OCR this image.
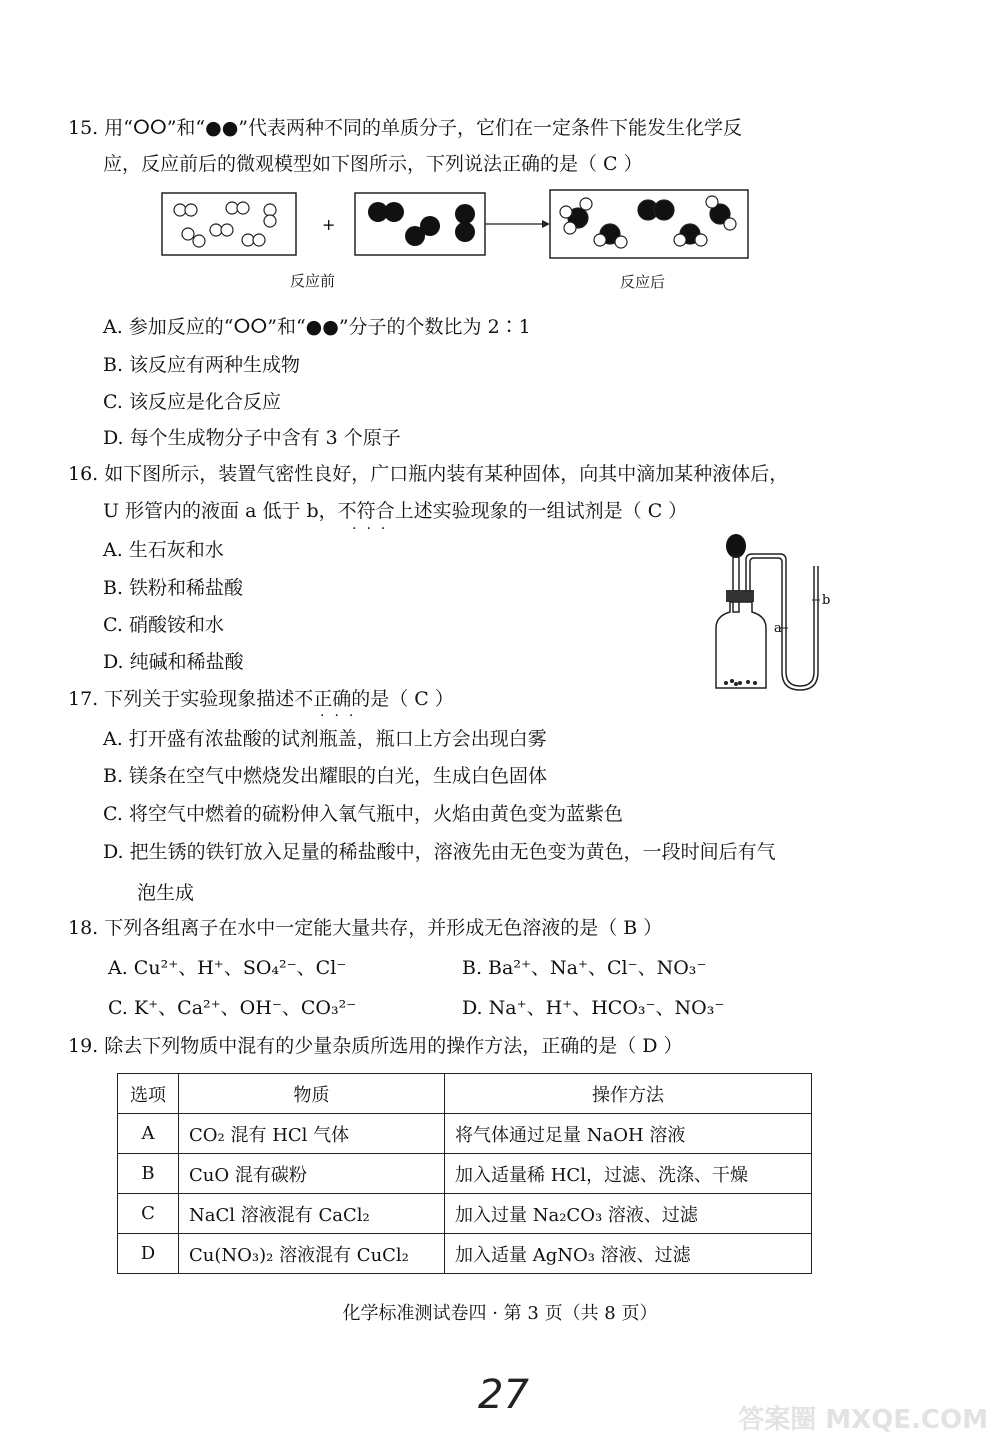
15. 用“ⵔⵔ”和“●●”代表两种不同的单质分子，它们在一定条件下能发生化学反
应，反应前后的微观模型如下图所示，下列说法正确的是（ C ）
+
反应前	反应后
A. 参加反应的“ⵔⵔ”和“●●”分子的个数比为 2∶1
B. 该反应有两种生成物
C. 该反应是化合反应
D. 每个生成物分子中含有 3 个原子
16. 如下图所示，装置气密性良好，广口瓶内装有某种固体，向其中滴加某种液体后，
U 形管内的液面 a 低于 b，不符合上述实验现象的一组试剂是（ C ）
···
A. 生石灰和水
B. 铁粉和稀盐酸
C. 硝酸铵和水
D. 纯碱和稀盐酸
a
b
17. 下列关于实验现象描述不正确的是（ C ）
···
A. 打开盛有浓盐酸的试剂瓶盖，瓶口上方会出现白雾
B. 镁条在空气中燃烧发出耀眼的白光，生成白色固体
C. 将空气中燃着的硫粉伸入氧气瓶中，火焰由黄色变为蓝紫色
D. 把生锈的铁钉放入足量的稀盐酸中，溶液先由无色变为黄色，一段时间后有气
泡生成
18. 下列各组离子在水中一定能大量共存，并形成无色溶液的是（ B ）
A. Cu²⁺、H⁺、SO₄²⁻、Cl⁻	B. Ba²⁺、Na⁺、Cl⁻、NO₃⁻
C. K⁺、Ca²⁺、OH⁻、CO₃²⁻	D. Na⁺、H⁺、HCO₃⁻、NO₃⁻
19. 除去下列物质中混有的少量杂质所选用的操作方法，正确的是（ D ）
选项	物质	操作方法
A	CO₂ 混有 HCl 气体	将气体通过足量 NaOH 溶液
B	CuO 混有碳粉	加入适量稀 HCl，过滤、洗涤、干燥
C	NaCl 溶液混有 CaCl₂	加入过量 Na₂CO₃ 溶液、过滤
D	Cu(NO₃)₂ 溶液混有 CuCl₂	加入适量 AgNO₃ 溶液、过滤
化学标准测试卷四 · 第 3 页（共 8 页）
27
答案圈 MXQE.COM
